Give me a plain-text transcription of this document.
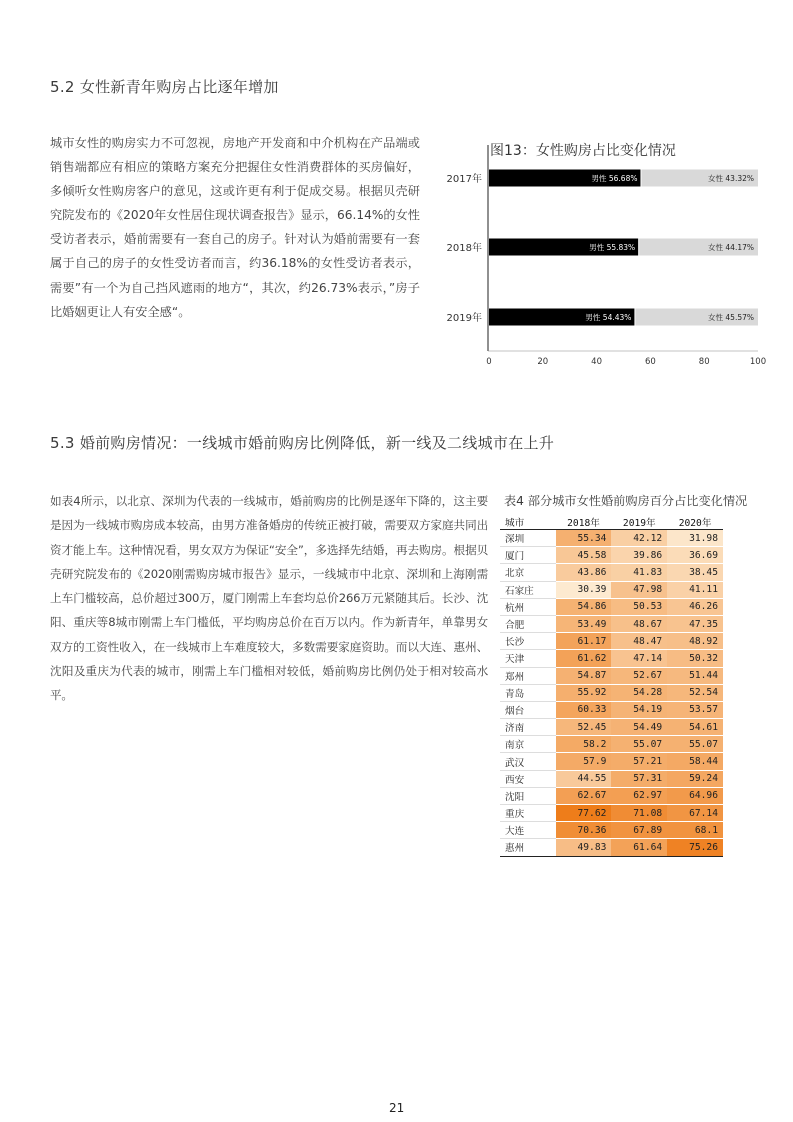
5.2 女性新青年购房占比逐年增加
城市女性的购房实力不可忽视，房地产开发商和中介机构在产品端或销售端都应有相应的策略方案充分把握住女性消费群体的买房偏好，多倾听女性购房客户的意见，这或许更有利于促成交易。根据贝壳研究院发布的《2020年女性居住现状调查报告》显示，66.14%的女性受访者表示，婚前需要有一套自己的房子。针对认为婚前需要有一套属于自己的房子的女性受访者而言，约36.18%的女性受访者表示，需要”有一个为自己挡风遮雨的地方“，其次，约26.73%表示，”房子比婚姻更让人有安全感“。
图13：女性购房占比变化情况
0	20	40	60	80	100
2017年	男性 56.68%	女性 43.32%
2018年	男性 55.83%	女性 44.17%
2019年	男性 54.43%	女性 45.57%
5.3 婚前购房情况：一线城市婚前购房比例降低，新一线及二线城市在上升
如表4所示，以北京、深圳为代表的一线城市，婚前购房的比例是逐年下降的，这主要是因为一线城市购房成本较高，由男方准备婚房的传统正被打破，需要双方家庭共同出资才能上车。这种情况看，男女双方为保证“安全”，多选择先结婚，再去购房。根据贝壳研究院发布的《2020刚需购房城市报告》显示，一线城市中北京、深圳和上海刚需上车门槛较高，总价超过300万，厦门刚需上车套均总价266万元紧随其后。长沙、沈阳、重庆等8城市刚需上车门槛低，平均购房总价在百万以内。作为新青年，单靠男女双方的工资性收入，在一线城市上车难度较大，多数需要家庭资助。而以大连、惠州、沈阳及重庆为代表的城市，刚需上车门槛相对较低，婚前购房比例仍处于相对较高水平。
表4 部分城市女性婚前购房百分占比变化情况
城市	2018年	2019年	2020年
深圳	55.34	42.12	31.98
厦门	45.58	39.86	36.69
北京	43.86	41.83	38.45
石家庄	30.39	47.98	41.11
杭州	54.86	50.53	46.26
合肥	53.49	48.67	47.35
长沙	61.17	48.47	48.92
天津	61.62	47.14	50.32
郑州	54.87	52.67	51.44
青岛	55.92	54.28	52.54
烟台	60.33	54.19	53.57
济南	52.45	54.49	54.61
南京	58.2	55.07	55.07
武汉	57.9	57.21	58.44
西安	44.55	57.31	59.24
沈阳	62.67	62.97	64.96
重庆	77.62	71.08	67.14
大连	70.36	67.89	68.1
惠州	49.83	61.64	75.26
21
